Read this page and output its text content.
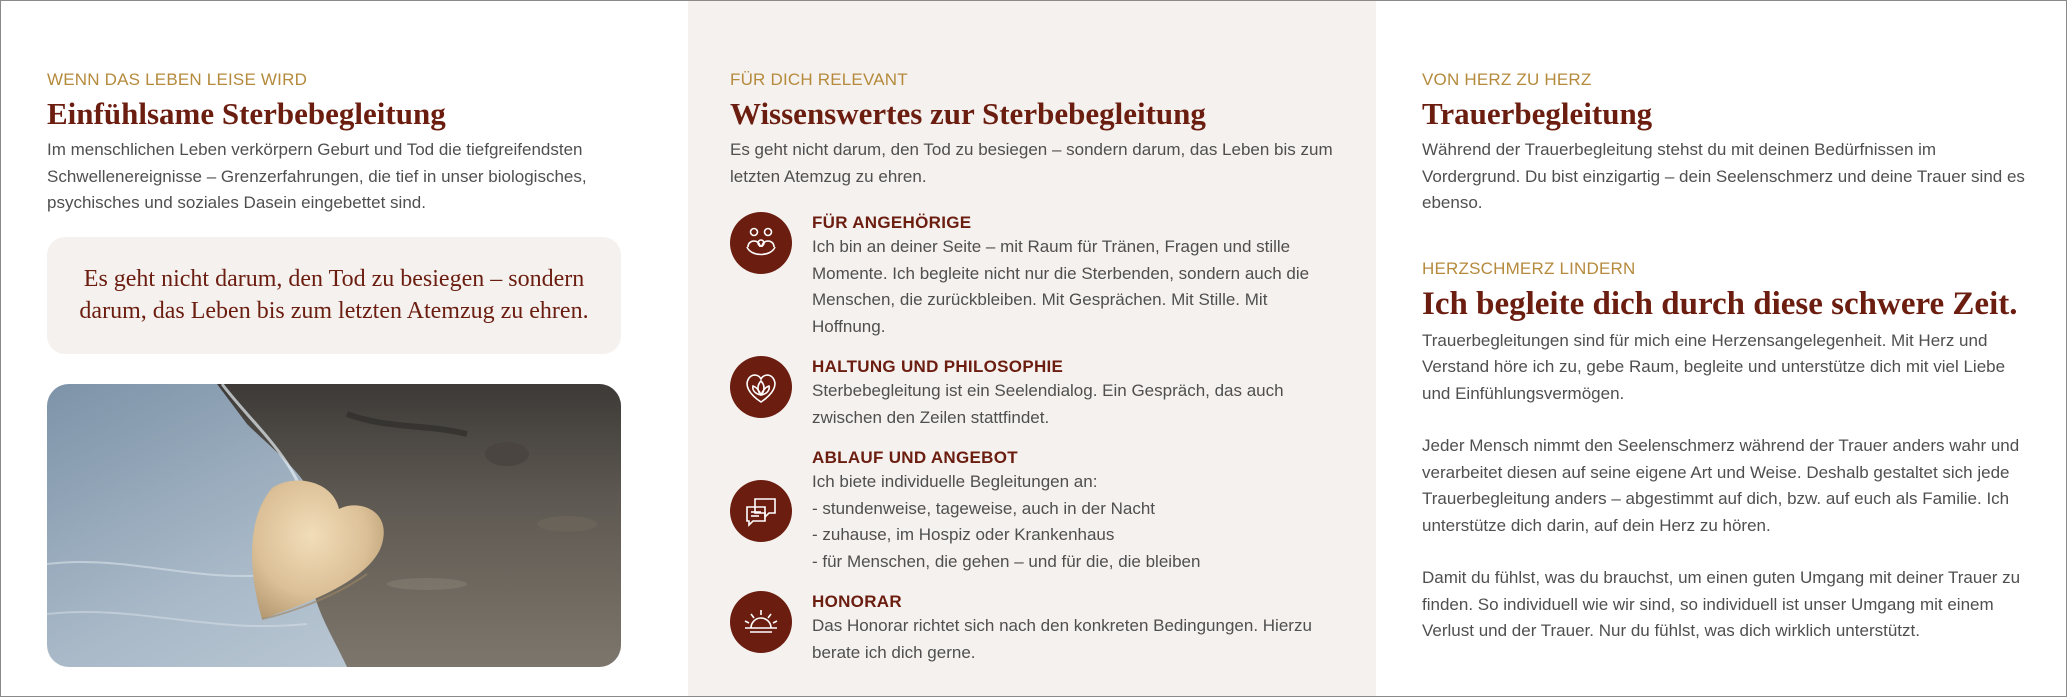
WENN DAS LEBEN LEISE WIRD
Einfühlsame Sterbebegleitung

Im menschlichen Leben verkörpern Geburt und Tod die tiefgreifendsten Schwellenereignisse – Grenzerfahrungen, die tief in unser biologisches, psychisches und soziales Dasein eingebettet sind.

Es geht nicht darum, den Tod zu besiegen – sondern darum, das Leben bis zum letzten Atemzug zu ehren.

FÜR DICH RELEVANT
Wissenswertes zur Sterbebegleitung

Es geht nicht darum, den Tod zu besiegen – sondern darum, das Leben bis zum letzten Atemzug zu ehren.

FÜR ANGEHÖRIGE
Ich bin an deiner Seite – mit Raum für Tränen, Fragen und stille Momente. Ich begleite nicht nur die Sterbenden, sondern auch die Menschen, die zurückbleiben. Mit Gesprächen. Mit Stille. Mit Hoffnung.
HALTUNG UND PHILOSOPHIE
Sterbebegleitung ist ein Seelendialog. Ein Gespräch, das auch zwischen den Zeilen stattfindet.
ABLAUF UND ANGEBOT
Ich biete individuelle Begleitungen an:
- stundenweise, tageweise, auch in der Nacht
- zuhause, im Hospiz oder Krankenhaus
- für Menschen, die gehen – und für die, die bleiben
HONORAR
Das Honorar richtet sich nach den konkreten Bedingungen. Hierzu berate ich dich gerne.
VON HERZ ZU HERZ
Trauerbegleitung

Während der Trauerbegleitung stehst du mit deinen Bedürfnissen im Vordergrund. Du bist einzigartig – dein Seelenschmerz und deine Trauer sind es ebenso.

HERZSCHMERZ LINDERN
Ich begleite dich durch diese schwere Zeit.

Trauerbegleitungen sind für mich eine Herzensangelegenheit. Mit Herz und Verstand höre ich zu, gebe Raum, begleite und unterstütze dich mit viel Liebe und Einfühlungsvermögen.

Jeder Mensch nimmt den Seelenschmerz während der Trauer anders wahr und verarbeitet diesen auf seine eigene Art und Weise. Deshalb gestaltet sich jede Trauerbegleitung anders – abgestimmt auf dich, bzw. auf euch als Familie. Ich unterstütze dich darin, auf dein Herz zu hören.

Damit du fühlst, was du brauchst, um einen guten Umgang mit deiner Trauer zu finden. So individuell wie wir sind, so individuell ist unser Umgang mit einem Verlust und der Trauer. Nur du fühlst, was dich wirklich unterstützt.
